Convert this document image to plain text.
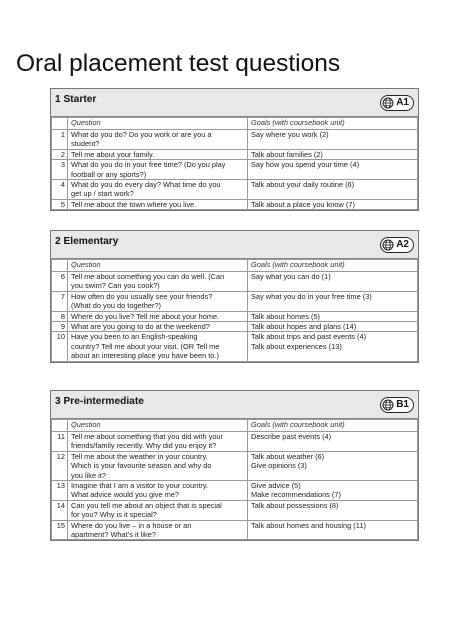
Oral placement test questions
1 Starter	A1
	Question	Goals (with coursebook unit)
1	What do you do? Do you work or are you a
student?	Say where you work (2)

2	Tell me about your family.	Talk about families (2)

3	What do you do in your free time? (Do you play
football or any sports?)	Say how you spend your time (4)

4	What do you do every day? What time do you
get up / start work?	Talk about your daily routine (6)

5	Tell me about the town where you live.	Talk about a place you know (7)
2 Elementary	A2
	Question	Goals (with coursebook unit)
6	Tell me about something you can do well. (Can
you swim? Can you cook?)	Say what you can do (1)

7	How often do you usually see your friends?
(What do you do together?)	Say what you do in your free time (3)

8	Where do you live? Tell me about your home.	Talk about homes (5)

9	What are you going to do at the weekend?	Talk about hopes and plans (14)

10	Have you been to an English-speaking
country? Tell me about your visit. (OR Tell me
about an interesting place you have been to.)	Talk about trips and past events (4)
Talk about experiences (13)
3 Pre-intermediate	B1
	Question	Goals (with coursebook unit)
11	Tell me about something that you did with your
friends/family recently. Why did you enjoy it?	Describe past events (4)

12	Tell me about the weather in your country.
Which is your favourite season and why do
you like it?	Talk about weather (6)
Give opinions (3)

13	Imagine that I am a visitor to your country.
What advice would you give me?	Give advice (5)
Make recommendations (7)

14	Can you tell me about an object that is special
for you? Why is it special?	Talk about possessions (8)

15	Where do you live – in a house or an
apartment? What’s it like?	Talk about homes and housing (11)
